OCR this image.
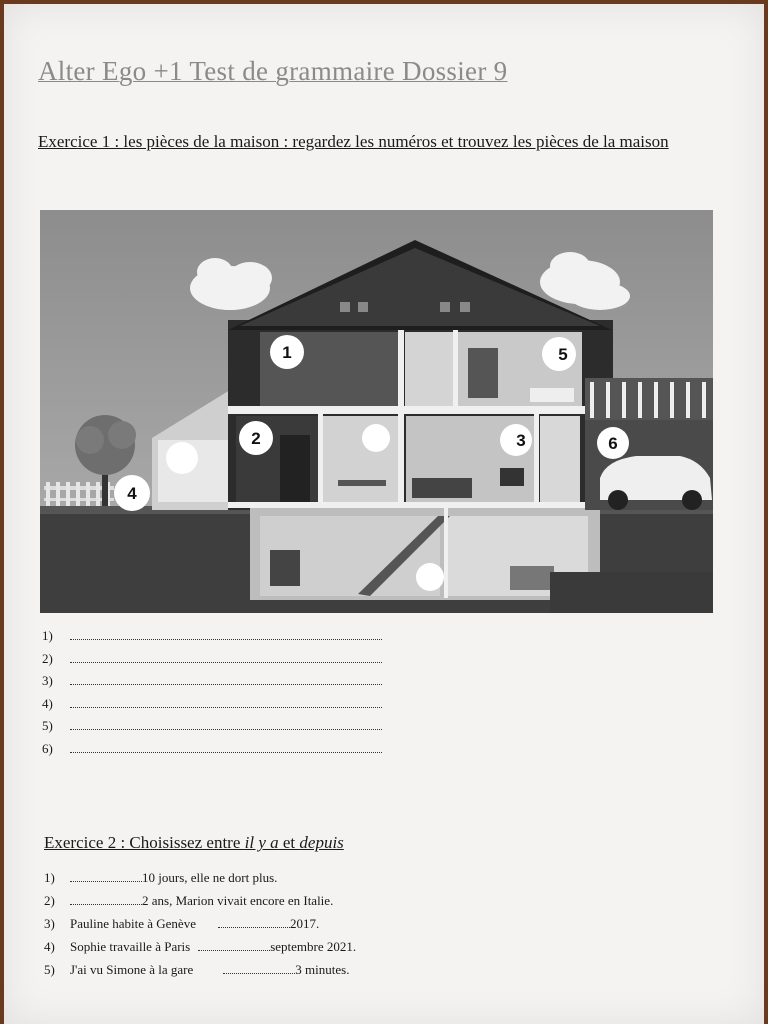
Alter Ego +1 Test de grammaire Dossier 9
Exercice 1 : les pièces de la maison : regardez les numéros et trouvez les pièces de la maison
1
2	3
4
5
6
1)
2)
3)
4)
5)
6)
Exercice 2 : Choisissez entre il y a et depuis
1)	10 jours, elle ne dort plus.
2)	2 ans, Marion vivait encore en Italie.
3)	Pauline habite à Genève	2017.
4)	Sophie travaille à Paris	septembre 2021.
5)	J'ai vu Simone à la gare	3 minutes.
